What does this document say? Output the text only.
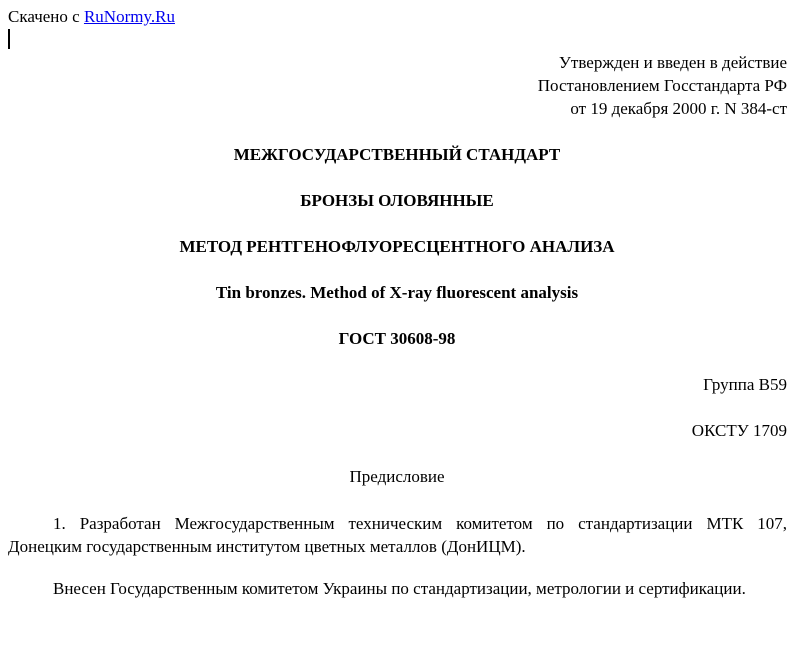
Скачено с RuNormy.Ru
Утвержден и введен в действие
Постановлением Госстандарта РФ
от 19 декабря 2000 г. N 384-ст
МЕЖГОСУДАРСТВЕННЫЙ СТАНДАРТ
БРОНЗЫ ОЛОВЯННЫЕ
МЕТОД РЕНТГЕНОФЛУОРЕСЦЕНТНОГО АНАЛИЗА
Tin bronzes. Method of X-ray fluorescent analysis
ГОСТ 30608-98
Группа В59
ОКСТУ 1709
Предисловие
1. Разработан Межгосударственным техническим комитетом по стандартизации МТК 107, Донецким государственным институтом цветных металлов (ДонИЦМ).
Внесен Государственным комитетом Украины по стандартизации, метрологии и сертификации.
